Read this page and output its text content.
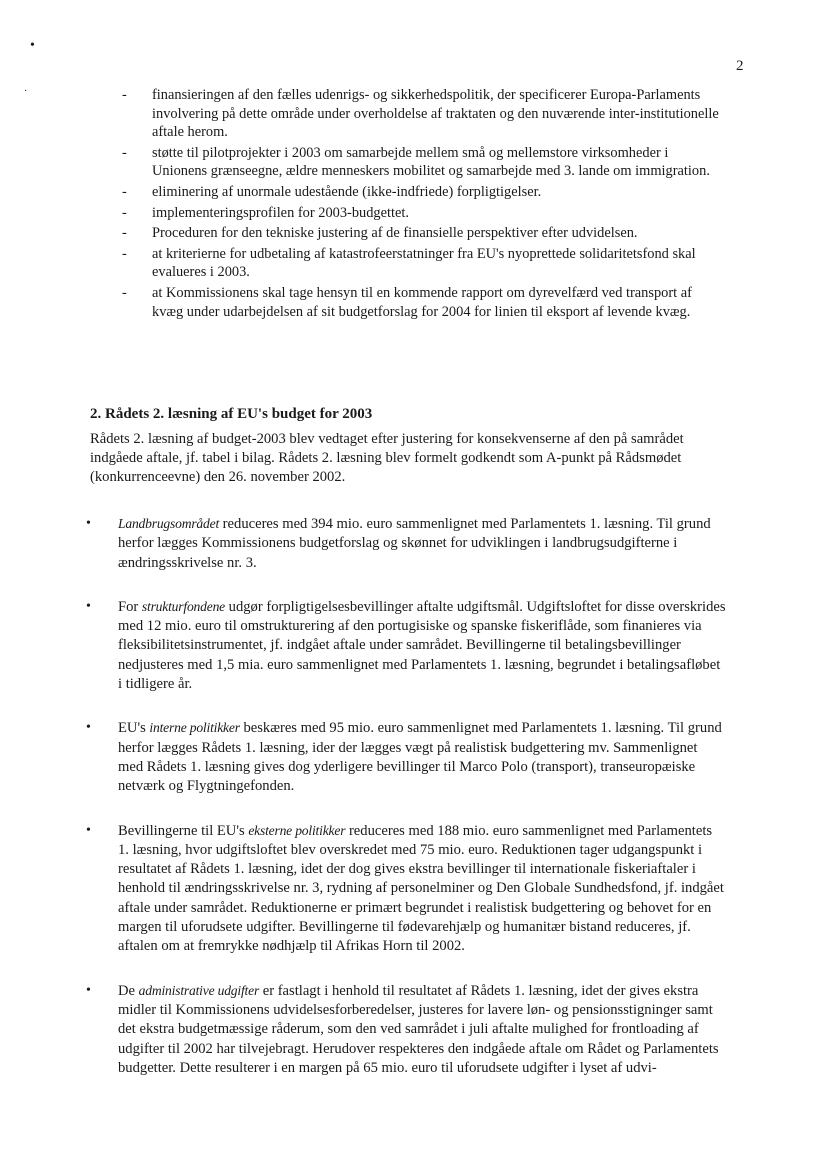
2
•
·	- finansieringen af den fælles udenrigs- og sikkerhedspolitik, der specificerer Europa-Parlaments involvering på dette område under overholdelse af traktaten og den nuværende inter-institutionelle aftale herom.
- støtte til pilotprojekter i 2003 om samarbejde mellem små og mellemstore virksomheder i Unionens grænseegne, ældre menneskers mobilitet og samarbejde med 3. lande om immigration.
- eliminering af unormale udestående (ikke-indfriede) forpligtigelser.
- implementeringsprofilen for 2003-budgettet.
- Proceduren for den tekniske justering af de finansielle perspektiver efter udvidelsen.
- at kriterierne for udbetaling af katastrofeerstatninger fra EU's nyoprettede solidaritetsfond skal evalueres i 2003.
- at Kommissionens skal tage hensyn til en kommende rapport om dyrevelfærd ved transport af kvæg under udarbejdelsen af sit budgetforslag for 2004 for linien til eksport af levende kvæg.
2. Rådets 2. læsning af EU's budget for 2003

Rådets 2. læsning af budget-2003 blev vedtaget efter justering for konsekvenserne af den på samrådet indgåede aftale, jf. tabel i bilag. Rådets 2. læsning blev formelt godkendt som A-punkt på Rådsmødet (konkurrenceevne) den 26. november 2002.

• Landbrugsområdet reduceres med 394 mio. euro sammenlignet med Parlamentets 1. læsning. Til grund herfor lægges Kommissionens budgetforslag og skønnet for udviklingen i landbrugsudgifterne i ændringsskrivelse nr. 3.
• For strukturfondene udgør forpligtigelsesbevillinger aftalte udgiftsmål. Udgiftsloftet for disse overskrides med 12 mio. euro til omstrukturering af den portugisiske og spanske fiskeriflåde, som finanieres via fleksibilitetsinstrumentet, jf. indgået aftale under samrådet. Bevillingerne til betalingsbevillinger nedjusteres med 1,5 mia. euro sammenlignet med Parlamentets 1. læsning, begrundet i betalingsafløbet i tidligere år.
• EU's interne politikker beskæres med 95 mio. euro sammenlignet med Parlamentets 1. læsning. Til grund herfor lægges Rådets 1. læsning, ider der lægges vægt på realistisk budgettering mv. Sammenlignet med Rådets 1. læsning gives dog yderligere bevillinger til Marco Polo (transport), transeuropæiske netværk og Flygtningefonden.
• Bevillingerne til EU's eksterne politikker reduceres med 188 mio. euro sammenlignet med Parlamentets 1. læsning, hvor udgiftsloftet blev overskredet med 75 mio. euro. Reduktionen tager udgangspunkt i resultatet af Rådets 1. læsning, idet der dog gives ekstra bevillinger til internationale fiskeriaftaler i henhold til ændringsskrivelse nr. 3, rydning af personelminer og Den Globale Sundhedsfond, jf. indgået aftale under samrådet. Reduktionerne er primært begrundet i realistisk budgettering og behovet for en margen til uforudsete udgifter. Bevillingerne til fødevarehjælp og humanitær bistand reduceres, jf. aftalen om at fremrykke nødhjælp til Afrikas Horn til 2002.
• De administrative udgifter er fastlagt i henhold til resultatet af Rådets 1. læsning, idet der gives ekstra midler til Kommissionens udvidelsesforberedelser, justeres for lavere løn- og pensionsstigninger samt det ekstra budgetmæssige råderum, som den ved samrådet i juli aftalte mulighed for frontloading af udgifter til 2002 har tilvejebragt. Herudover respekteres den indgåede aftale om Rådet og Parlamentets budgetter. Dette resulterer i en margen på 65 mio. euro til uforudsete udgifter i lyset af udvi-
